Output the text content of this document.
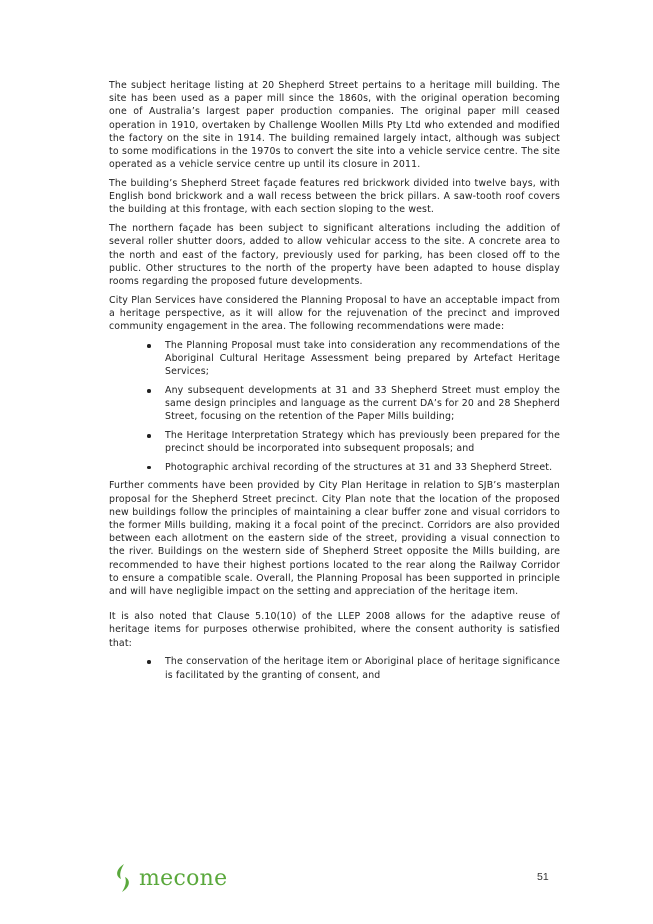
The subject heritage listing at 20 Shepherd Street pertains to a heritage mill building. The site has been used as a paper mill since the 1860s, with the original operation becoming one of Australia’s largest paper production companies. The original paper mill ceased operation in 1910, overtaken by Challenge Woollen Mills Pty Ltd who extended and modified the factory on the site in 1914. The building remained largely intact, although was subject to some modifications in the 1970s to convert the site into a vehicle service centre. The site operated as a vehicle service centre up until its closure in 2011.

The building’s Shepherd Street façade features red brickwork divided into twelve bays, with English bond brickwork and a wall recess between the brick pillars. A saw-tooth roof covers the building at this frontage, with each section sloping to the west.

The northern façade has been subject to significant alterations including the addition of several roller shutter doors, added to allow vehicular access to the site. A concrete area to the north and east of the factory, previously used for parking, has been closed off to the public. Other structures to the north of the property have been adapted to house display rooms regarding the proposed future developments.

City Plan Services have considered the Planning Proposal to have an acceptable impact from a heritage perspective, as it will allow for the rejuvenation of the precinct and improved community engagement in the area. The following recommendations were made:

The Planning Proposal must take into consideration any recommendations of the Aboriginal Cultural Heritage Assessment being prepared by Artefact Heritage Services;
Any subsequent developments at 31 and 33 Shepherd Street must employ the same design principles and language as the current DA’s for 20 and 28 Shepherd Street, focusing on the retention of the Paper Mills building;
The Heritage Interpretation Strategy which has previously been prepared for the precinct should be incorporated into subsequent proposals; and
Photographic archival recording of the structures at 31 and 33 Shepherd Street.

Further comments have been provided by City Plan Heritage in relation to SJB’s masterplan proposal for the Shepherd Street precinct. City Plan note that the location of the proposed new buildings follow the principles of maintaining a clear buffer zone and visual corridors to the former Mills building, making it a focal point of the precinct. Corridors are also provided between each allotment on the eastern side of the street, providing a visual connection to the river. Buildings on the western side of Shepherd Street opposite the Mills building, are recommended to have their highest portions located to the rear along the Railway Corridor to ensure a compatible scale. Overall, the Planning Proposal has been supported in principle and will have negligible impact on the setting and appreciation of the heritage item.

It is also noted that Clause 5.10(10) of the LLEP 2008 allows for the adaptive reuse of heritage items for purposes otherwise prohibited, where the consent authority is satisfied that:

The conservation of the heritage item or Aboriginal place of heritage significance is facilitated by the granting of consent, and
mecone	51
